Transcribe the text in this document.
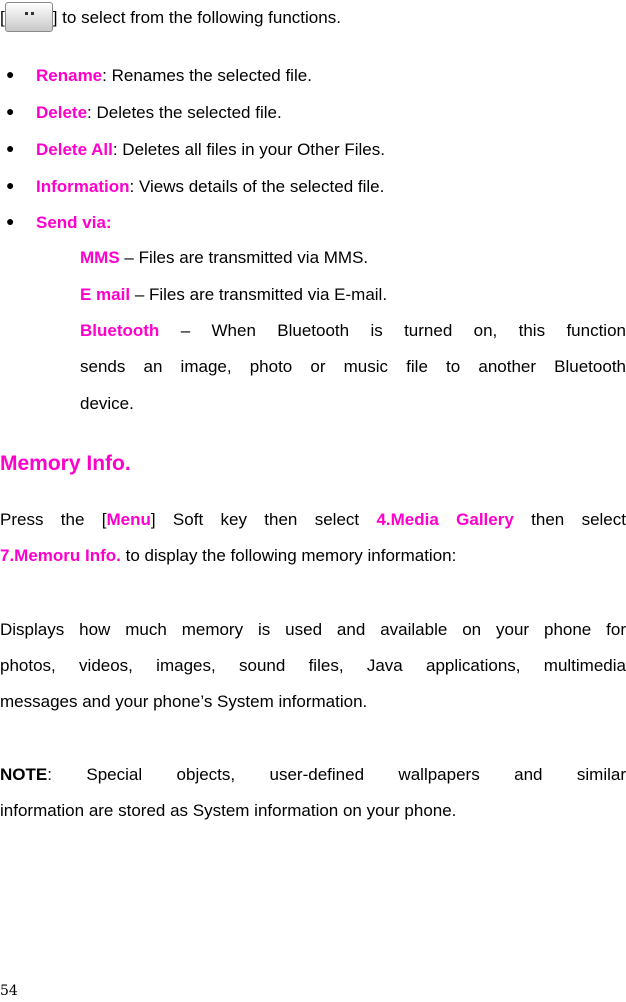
[	] to select from the following functions.
● Rename: Renames the selected file.
● Delete: Deletes the selected file.
● Delete All: Deletes all files in your Other Files.
● Information: Views details of the selected file.
● Send via:
MMS – Files are transmitted via MMS.
E mail – Files are transmitted via E-mail.
Bluetooth – When Bluetooth is turned on, this function
sends an image, photo or music file to another Bluetooth
device.
Memory Info.
Press the [Menu] Soft key then select 4.Media Gallery then select
7.Memoru Info. to display the following memory information:
Displays how much memory is used and available on your phone for
photos, videos, images, sound files, Java applications, multimedia
messages and your phone’s System information.
NOTE: Special objects, user-defined wallpapers and similar
information are stored as System information on your phone.
54
